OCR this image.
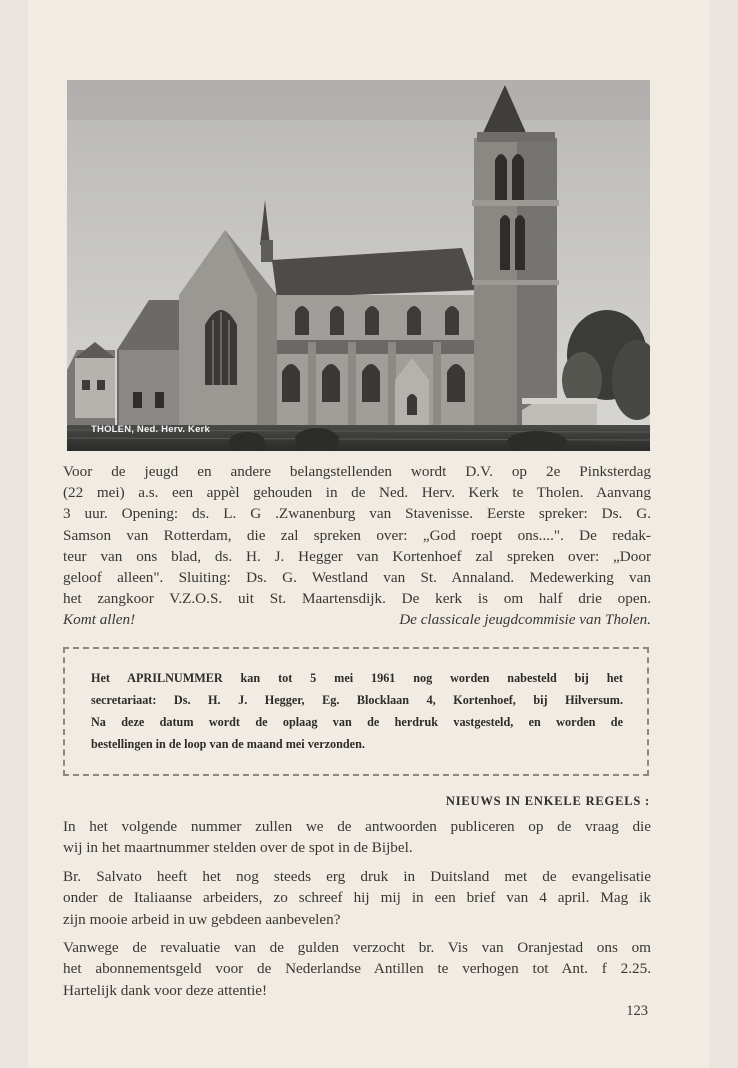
THOLEN, Ned. Herv. Kerk
Voor de jeugd en andere belangstellenden wordt D.V. op 2e Pinksterdag
(22 mei) a.s. een appèl gehouden in de Ned. Herv. Kerk te Tholen. Aanvang
3 uur. Opening: ds. L. G .Zwanenburg van Stavenisse. Eerste spreker: Ds. G.
Samson van Rotterdam, die zal spreken over: „God roept ons....". De redak-
teur van ons blad, ds. H. J. Hegger van Kortenhoef zal spreken over: „Door
geloof alleen". Sluiting: Ds. G. Westland van St. Annaland. Medewerking van
het zangkoor V.Z.O.S. uit St. Maartensdijk. De kerk is om half drie open.
Komt allen!	De classicale jeugdcommisie van Tholen.
Het APRILNUMMER kan tot 5 mei 1961 nog worden nabesteld bij het
secretariaat: Ds. H. J. Hegger, Eg. Blocklaan 4, Kortenhoef, bij Hilversum.
Na deze datum wordt de oplaag van de herdruk vastgesteld, en worden de
bestellingen in de loop van de maand mei verzonden.
NIEUWS IN ENKELE REGELS :
In het volgende nummer zullen we de antwoorden publiceren op de vraag die
wij in het maartnummer stelden over de spot in de Bijbel.
Br. Salvato heeft het nog steeds erg druk in Duitsland met de evangelisatie
onder de Italiaanse arbeiders, zo schreef hij mij in een brief van 4 april. Mag ik
zijn mooie arbeid in uw gebdeen aanbevelen?
Vanwege de revaluatie van de gulden verzocht br. Vis van Oranjestad ons om
het abonnementsgeld voor de Nederlandse Antillen te verhogen tot Ant. f 2.25.
Hartelijk dank voor deze attentie!
123
